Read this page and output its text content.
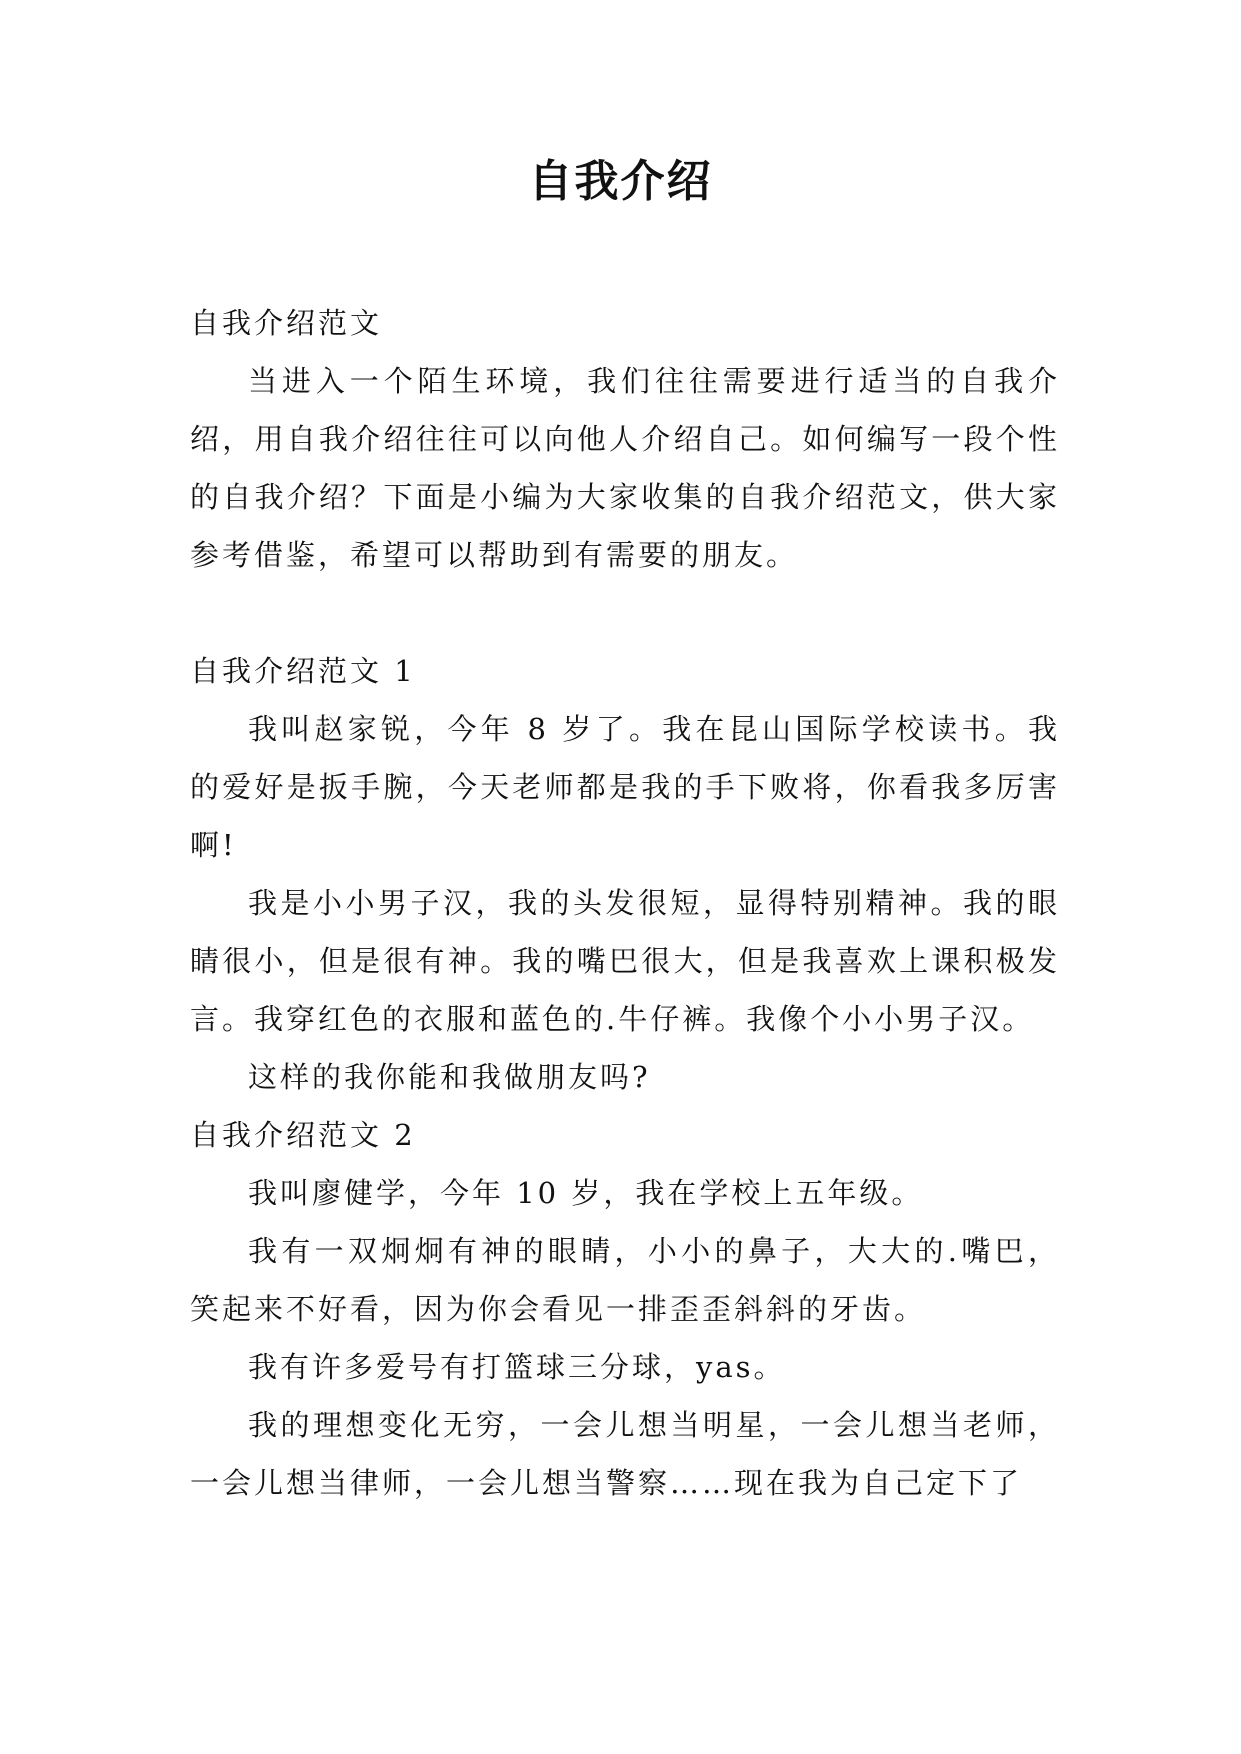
自我介绍

自我介绍范文

当进入一个陌生环境，我们往往需要进行适当的自我介绍，用自我介绍往往可以向他人介绍自己。如何编写一段个性的自我介绍？下面是小编为大家收集的自我介绍范文，供大家参考借鉴，希望可以帮助到有需要的朋友。

自我介绍范文 1

我叫赵家锐，今年 8 岁了。我在昆山国际学校读书。我的爱好是扳手腕，今天老师都是我的手下败将，你看我多厉害啊!

我是小小男子汉，我的头发很短，显得特别精神。我的眼睛很小，但是很有神。我的嘴巴很大，但是我喜欢上课积极发言。我穿红色的衣服和蓝色的.牛仔裤。我像个小小男子汉。

这样的我你能和我做朋友吗?

自我介绍范文 2

我叫廖健学，今年 10 岁，我在学校上五年级。

我有一双炯炯有神的眼睛，小小的鼻子，大大的.嘴巴，笑起来不好看，因为你会看见一排歪歪斜斜的牙齿。

我有许多爱号有打篮球三分球，yas。

我的理想变化无穷，一会儿想当明星，一会儿想当老师，一会儿想当律师，一会儿想当警察……现在我为自己定下了
